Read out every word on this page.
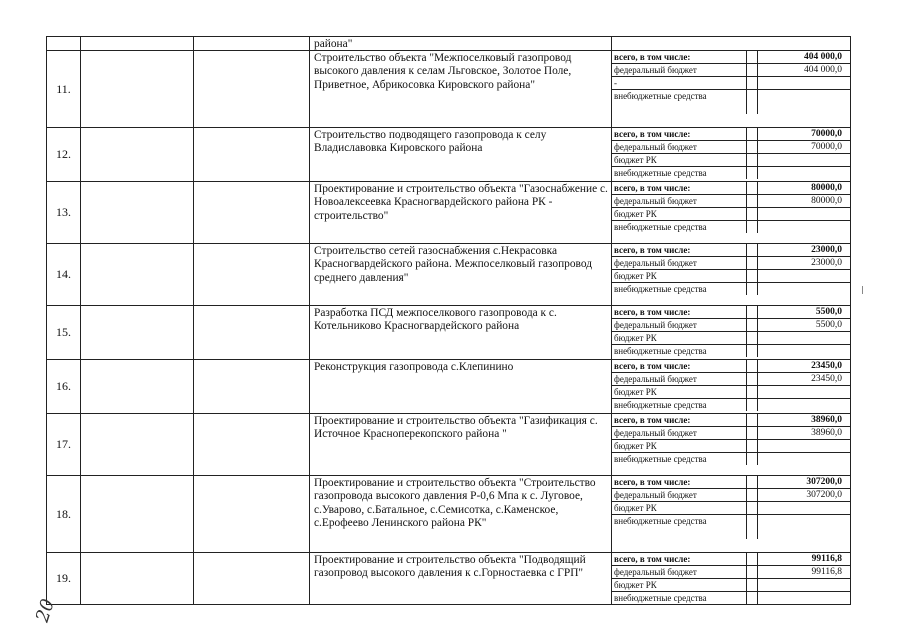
			района"	
11.			Строительство объекта "Межпоселковый газопровод высокого давления к селам Льговское, Золотое Поле, Приветное, Абрикосовка Кировского района"	
всего, в том числе:		404 000,0
федеральный бюджет		404 000,0
-		
внебюджетные средства		

12.			Строительство подводящего газопровода к селу Владиславовка Кировского района	
всего, в том числе:		70000,0
федеральный бюджет		70000,0
бюджет РК		
внебюджетные средства		

13.			Проектирование и строительство объекта "Газоснабжение с. Новоалексеевка Красногвардейского района РК - строительство"	
всего, в том числе:		80000,0
федеральный бюджет		80000,0
бюджет РК		
внебюджетные средства		

14.			Строительство сетей газоснабжения с.Некрасовка Красногвардейского района. Межпоселковый газопровод среднего давления"	
всего, в том числе:		23000,0
федеральный бюджет		23000,0
бюджет РК		
внебюджетные средства		

15.			Разработка ПСД межпоселкового газопровода к с. Котельниково Красногвардейского района	
всего, в том числе:		5500,0
федеральный бюджет		5500,0
бюджет РК		
внебюджетные средства		

16.			Реконструкция газопровода с.Клепинино		всего, в том числе:		23450,0
федеральный бюджет		23450,0
бюджет РК		
внебюджетные средства		

17.			Проектирование и строительство объекта "Газификация с. Источное Красноперекопского района "	
всего, в том числе:		38960,0
федеральный бюджет		38960,0
бюджет РК		
внебюджетные средства		

18.			Проектирование и строительство объекта "Строительство газопровода высокого давления Р-0,6 Мпа к с. Луговое, с.Уварово, с.Батальное, с.Семисотка, с.Каменское, с.Ерофеево Ленинского района РК"	
всего, в том числе:		307200,0
федеральный бюджет		307200,0
бюджет РК		
внебюджетные средства		

19.			Проектирование и строительство объекта "Подводящий газопровод высокого давления к с.Горностаевка с ГРП"	
всего, в том числе:		99116,8
федеральный бюджет		99116,8
бюджет РК		
внебюджетные средства		
20
